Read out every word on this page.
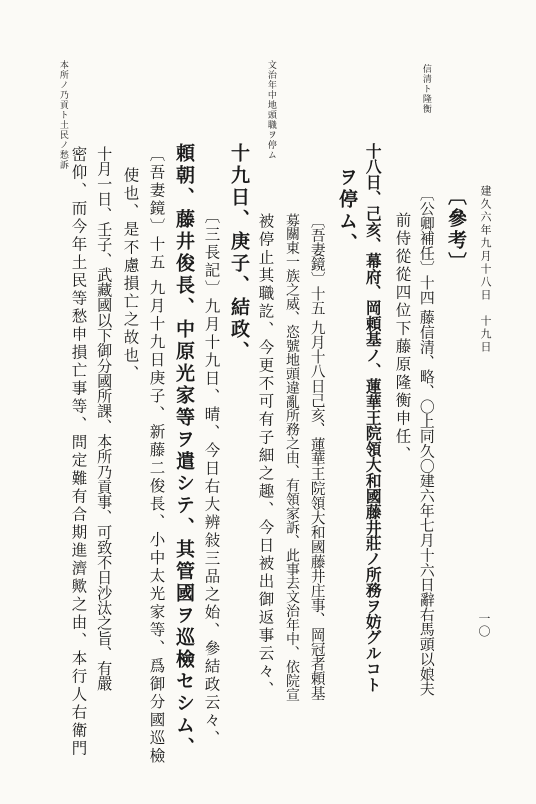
建久六年九月十八日　十九日
一〇
信清ト隆衡
文治年中地頭職ヲ停ム
本所ノ乃貢ト土民ノ愁訴
〔參考〕
〔公卿補任〕十四 藤信清、略、〇上同久〇建六年七月十六日辭右馬頭以娘夫
前侍從從四位下藤原隆衡申任、
十八日、己亥、幕府、岡頼基ノ、蓮華王院領大和國藤井莊ノ所務ヲ妨グルコト
ヲ停ム、
〔吾妻鏡〕十五 九月十八日己亥、蓮華王院領大和國藤井庄事、岡冠者頼基
募關東一族之威、恣號地頭違亂所務之由、有領家訴、此事去文治年中、依院宣
被停止其職訖、今更不可有子細之趣、今日被出御返事云々、
十九日、庚子、結政、
〔三長記〕九月十九日、晴、今日右大辨敍三品之始、參結政云々、
頼朝、藤井俊長、中原光家等ヲ遣シテ、其管國ヲ巡檢セシム、
〔吾妻鏡〕十五 九月十九日庚子、新藤二俊長、小中太光家等、爲御分國巡檢
使也、是不慮損亡之故也、
十月一日、壬子、武藏國以下御分國所課、本所乃貢事、可致不日沙汰之旨、有嚴
密仰、而今年土民等愁申損亡事等、問定難有合期進濟歟之由、本行人右衛門
